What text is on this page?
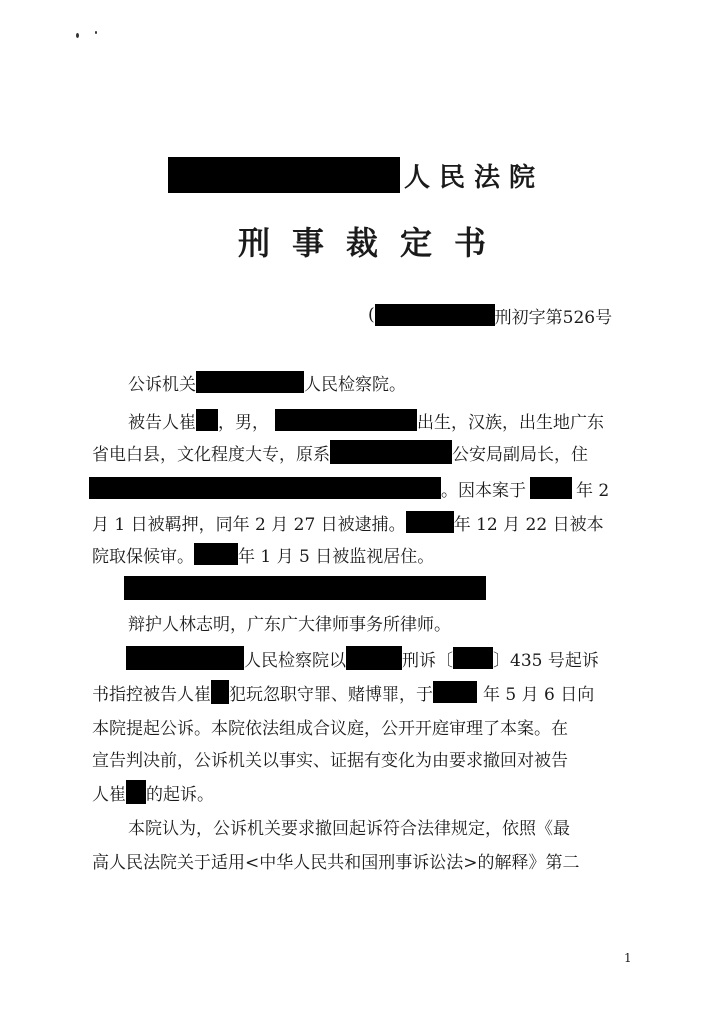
人民法院
刑事裁定书
(	刑初字第526号
公诉机关	人民检察院。
被告人崔 ，男，	出生，汉族，出生地广东
省电白县，文化程度大专，原系	公安局副局长，住
。因本案于	年 2
月 1 日被羁押，同年 2 月 27 日被逮捕。	年 12 月 22 日被本
院取保候审。	年 1 月 5 日被监视居住。
辩护人林志明，广东广大律师事务所律师。
人民检察院以	刑诉〔 〕435 号起诉
书指控被告人崔 犯玩忽职守罪、赌博罪，于	年 5 月 6 日向
本院提起公诉。本院依法组成合议庭，公开开庭审理了本案。在
宣告判决前，公诉机关以事实、证据有变化为由要求撤回对被告
人崔 的起诉。
本院认为，公诉机关要求撤回起诉符合法律规定，依照《最
高人民法院关于适用<中华人民共和国刑事诉讼法>的解释》第二
1
